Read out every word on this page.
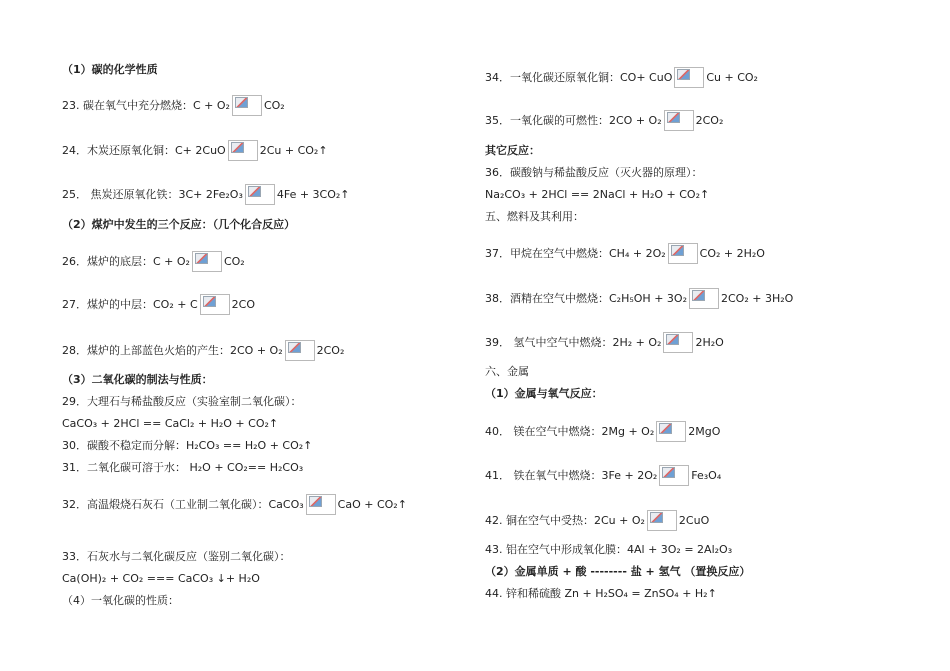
（1）碳的化学性质
23. 碳在氧气中充分燃烧：C + O₂	CO₂
24．木炭还原氧化铜：C+ 2CuO	2Cu + CO₂↑
25． 焦炭还原氧化铁：3C+ 2Fe₂O₃	4Fe + 3CO₂↑
（2）煤炉中发生的三个反应：（几个化合反应）
26．煤炉的底层：C + O₂	CO₂
27．煤炉的中层：CO₂ + C	2CO
28．煤炉的上部蓝色火焰的产生：2CO + O₂	2CO₂
（3）二氧化碳的制法与性质：
29．大理石与稀盐酸反应（实验室制二氧化碳）：
CaCO₃ + 2HCl == CaCl₂ + H₂O + CO₂↑
30．碳酸不稳定而分解：H₂CO₃ == H₂O + CO₂↑
31．二氧化碳可溶于水： H₂O + CO₂== H₂CO₃
32．高温煅烧石灰石（工业制二氧化碳）：CaCO₃	CaO + CO₂↑
33．石灰水与二氧化碳反应（鉴别二氧化碳）：
Ca(OH)₂ + CO₂ === CaCO₃ ↓+ H₂O
（4）一氧化碳的性质：
34．一氧化碳还原氧化铜：CO+ CuO	Cu + CO₂
35．一氧化碳的可燃性：2CO + O₂	2CO₂
其它反应：
36．碳酸钠与稀盐酸反应（灭火器的原理）：
Na₂CO₃ + 2HCl == 2NaCl + H₂O + CO₂↑
五、燃料及其利用：
37．甲烷在空气中燃烧：CH₄ + 2O₂	CO₂ + 2H₂O
38．酒精在空气中燃烧：C₂H₅OH + 3O₂	2CO₂ + 3H₂O
39． 氢气中空气中燃烧：2H₂ + O₂	2H₂O
六、金属
（1）金属与氧气反应：
40． 镁在空气中燃烧：2Mg + O₂	2MgO
41． 铁在氧气中燃烧：3Fe + 2O₂	Fe₃O₄
42. 铜在空气中受热：2Cu + O₂	2CuO
43. 铝在空气中形成氧化膜：4Al + 3O₂ = 2Al₂O₃
（2）金属单质 + 酸 -------- 盐 + 氢气 （置换反应）
44. 锌和稀硫酸 Zn + H₂SO₄ = ZnSO₄ + H₂↑
